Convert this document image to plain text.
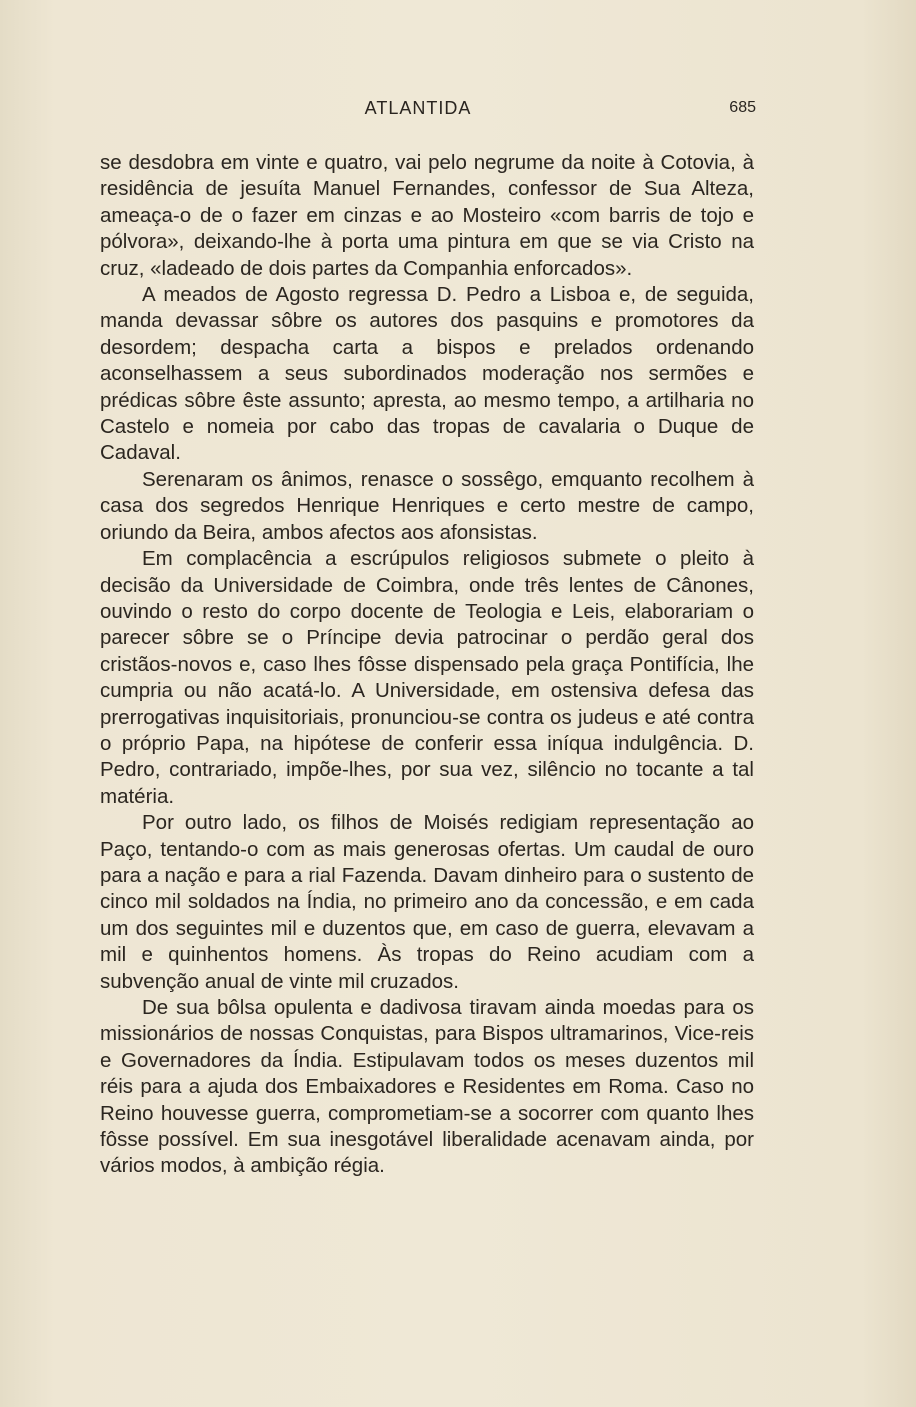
ATLANTIDA	685

se desdobra em vinte e quatro, vai pelo negrume da noite à Cotovia, à residência de jesuíta Manuel Fernandes, confessor de Sua Alteza, ameaça-o de o fazer em cinzas e ao Mosteiro «com barris de tojo e pólvora», deixando-lhe à porta uma pintura em que se via Cristo na cruz, «ladeado de dois partes da Companhia enforcados».

A meados de Agosto regressa D. Pedro a Lisboa e, de seguida, manda devassar sôbre os autores dos pasquins e promotores da desordem; despacha carta a bispos e prelados ordenando aconselhassem a seus subordinados moderação nos sermões e prédicas sôbre êste assunto; apresta, ao mesmo tempo, a artilharia no Castelo e nomeia por cabo das tropas de cavalaria o Duque de Cadaval.

Serenaram os ânimos, renasce o sossêgo, emquanto recolhem à casa dos segredos Henrique Henriques e certo mestre de campo, oriundo da Beira, ambos afectos aos afonsistas.

Em complacência a escrúpulos religiosos submete o pleito à decisão da Universidade de Coimbra, onde três lentes de Cânones, ouvindo o resto do corpo docente de Teologia e Leis, elaborariam o parecer sôbre se o Príncipe devia patrocinar o perdão geral dos cristãos-novos e, caso lhes fôsse dispensado pela graça Pontifícia, lhe cumpria ou não acatá-lo. A Universidade, em ostensiva defesa das prerrogativas inquisitoriais, pronunciou-se contra os judeus e até contra o próprio Papa, na hipótese de conferir essa iníqua indulgência. D. Pedro, contrariado, impõe-lhes, por sua vez, silêncio no tocante a tal matéria.

Por outro lado, os filhos de Moisés redigiam representação ao Paço, tentando-o com as mais generosas ofertas. Um caudal de ouro para a nação e para a rial Fazenda. Davam dinheiro para o sustento de cinco mil soldados na Índia, no primeiro ano da concessão, e em cada um dos seguintes mil e duzentos que, em caso de guerra, elevavam a mil e quinhentos homens. Às tropas do Reino acudiam com a subvenção anual de vinte mil cruzados.

De sua bôlsa opulenta e dadivosa tiravam ainda moedas para os missionários de nossas Conquistas, para Bispos ultramarinos, Vice-reis e Governadores da Índia. Estipulavam todos os meses duzentos mil réis para a ajuda dos Embaixadores e Residentes em Roma. Caso no Reino houvesse guerra, comprometiam-se a socorrer com quanto lhes fôsse possível. Em sua inesgotável liberalidade acenavam ainda, por vários modos, à ambição régia.
